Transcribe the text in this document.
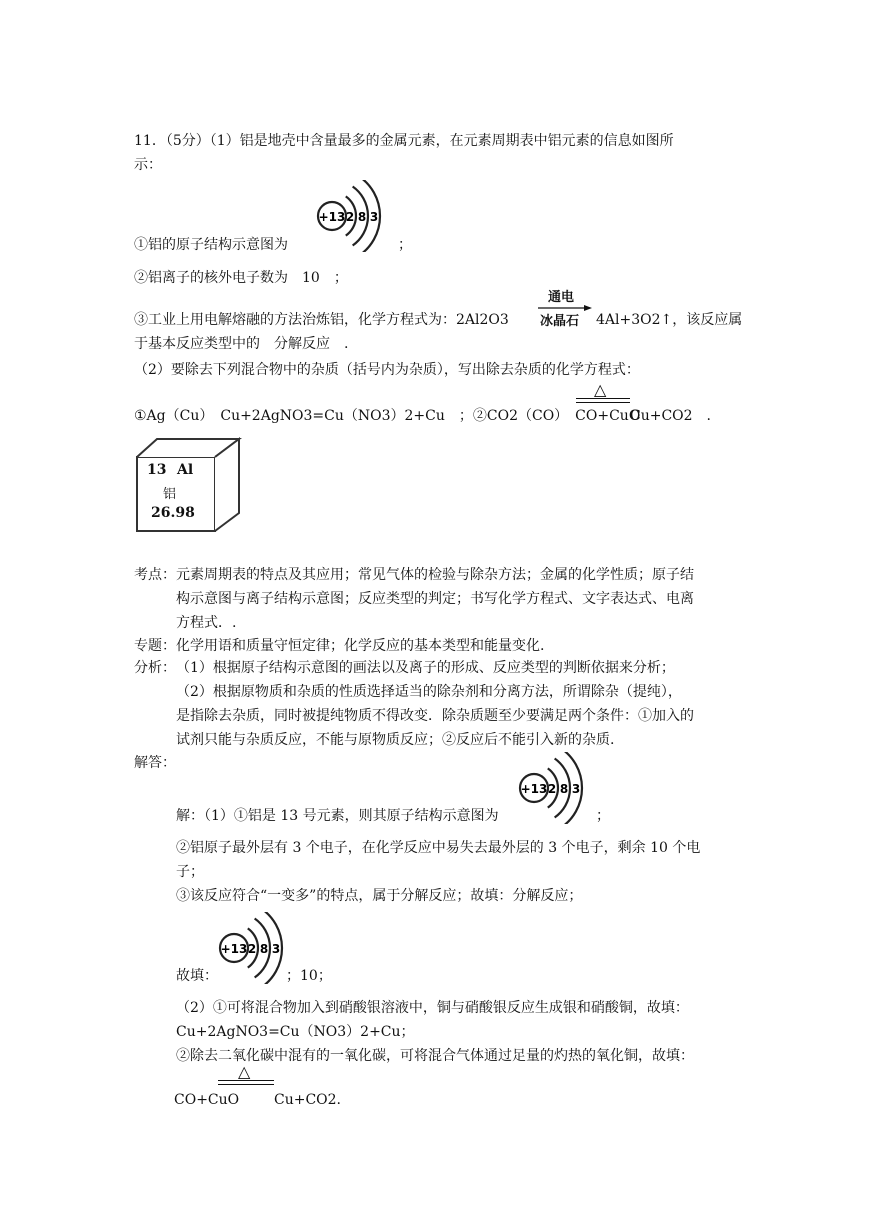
11．（5分）（1）铝是地壳中含量最多的金属元素，在元素周期表中铝元素的信息如图所
示：
①铝的原子结构示意图为
+13 2 8 3
；
②铝离子的核外电子数为　10　；
③工业上用电解熔融的方法治炼铝，化学方程式为：2Al2O3
通电
冰晶石 4Al+3O2↑，该反应属
于基本反应类型中的　分解反应　.
（2）要除去下列混合物中的杂质（括号内为杂质），写出除去杂质的化学方程式：
①Ag（Cu）　Cu+2AgNO3=Cu（NO3）2+Cu　；②CO2（CO）　CO+CuO
△
Cu+CO2　.
13 Al
铝
26.98
考点： 元素周期表的特点及其应用；常见气体的检验与除杂方法；金属的化学性质；原子结
构示意图与离子结构示意图；反应类型的判定；书写化学方程式、文字表达式、电离
方程式．.
专题： 化学用语和质量守恒定律；化学反应的基本类型和能量变化.
分析： （1）根据原子结构示意图的画法以及离子的形成、反应类型的判断依据来分析；
（2）根据原物质和杂质的性质选择适当的除杂剂和分离方法，所谓除杂（提纯），
是指除去杂质，同时被提纯物质不得改变．除杂质题至少要满足两个条件：①加入的
试剂只能与杂质反应，不能与原物质反应；②反应后不能引入新的杂质.
解答：
解：（1）①铝是 13 号元素，则其原子结构示意图为
+13 2 8 3
；
②铝原子最外层有 3 个电子，在化学反应中易失去最外层的 3 个电子，剩余 10 个电
子；
③该反应符合“一变多”的特点，属于分解反应；故填：分解反应；
故填：
+13 2 8 3
；10；
（2）①可将混合物加入到硝酸银溶液中，铜与硝酸银反应生成银和硝酸铜，故填：
Cu+2AgNO3=Cu（NO3）2+Cu；
②除去二氧化碳中混有的一氧化碳，可将混合气体通过足量的灼热的氧化铜，故填：
△
CO+CuO Cu+CO2.
